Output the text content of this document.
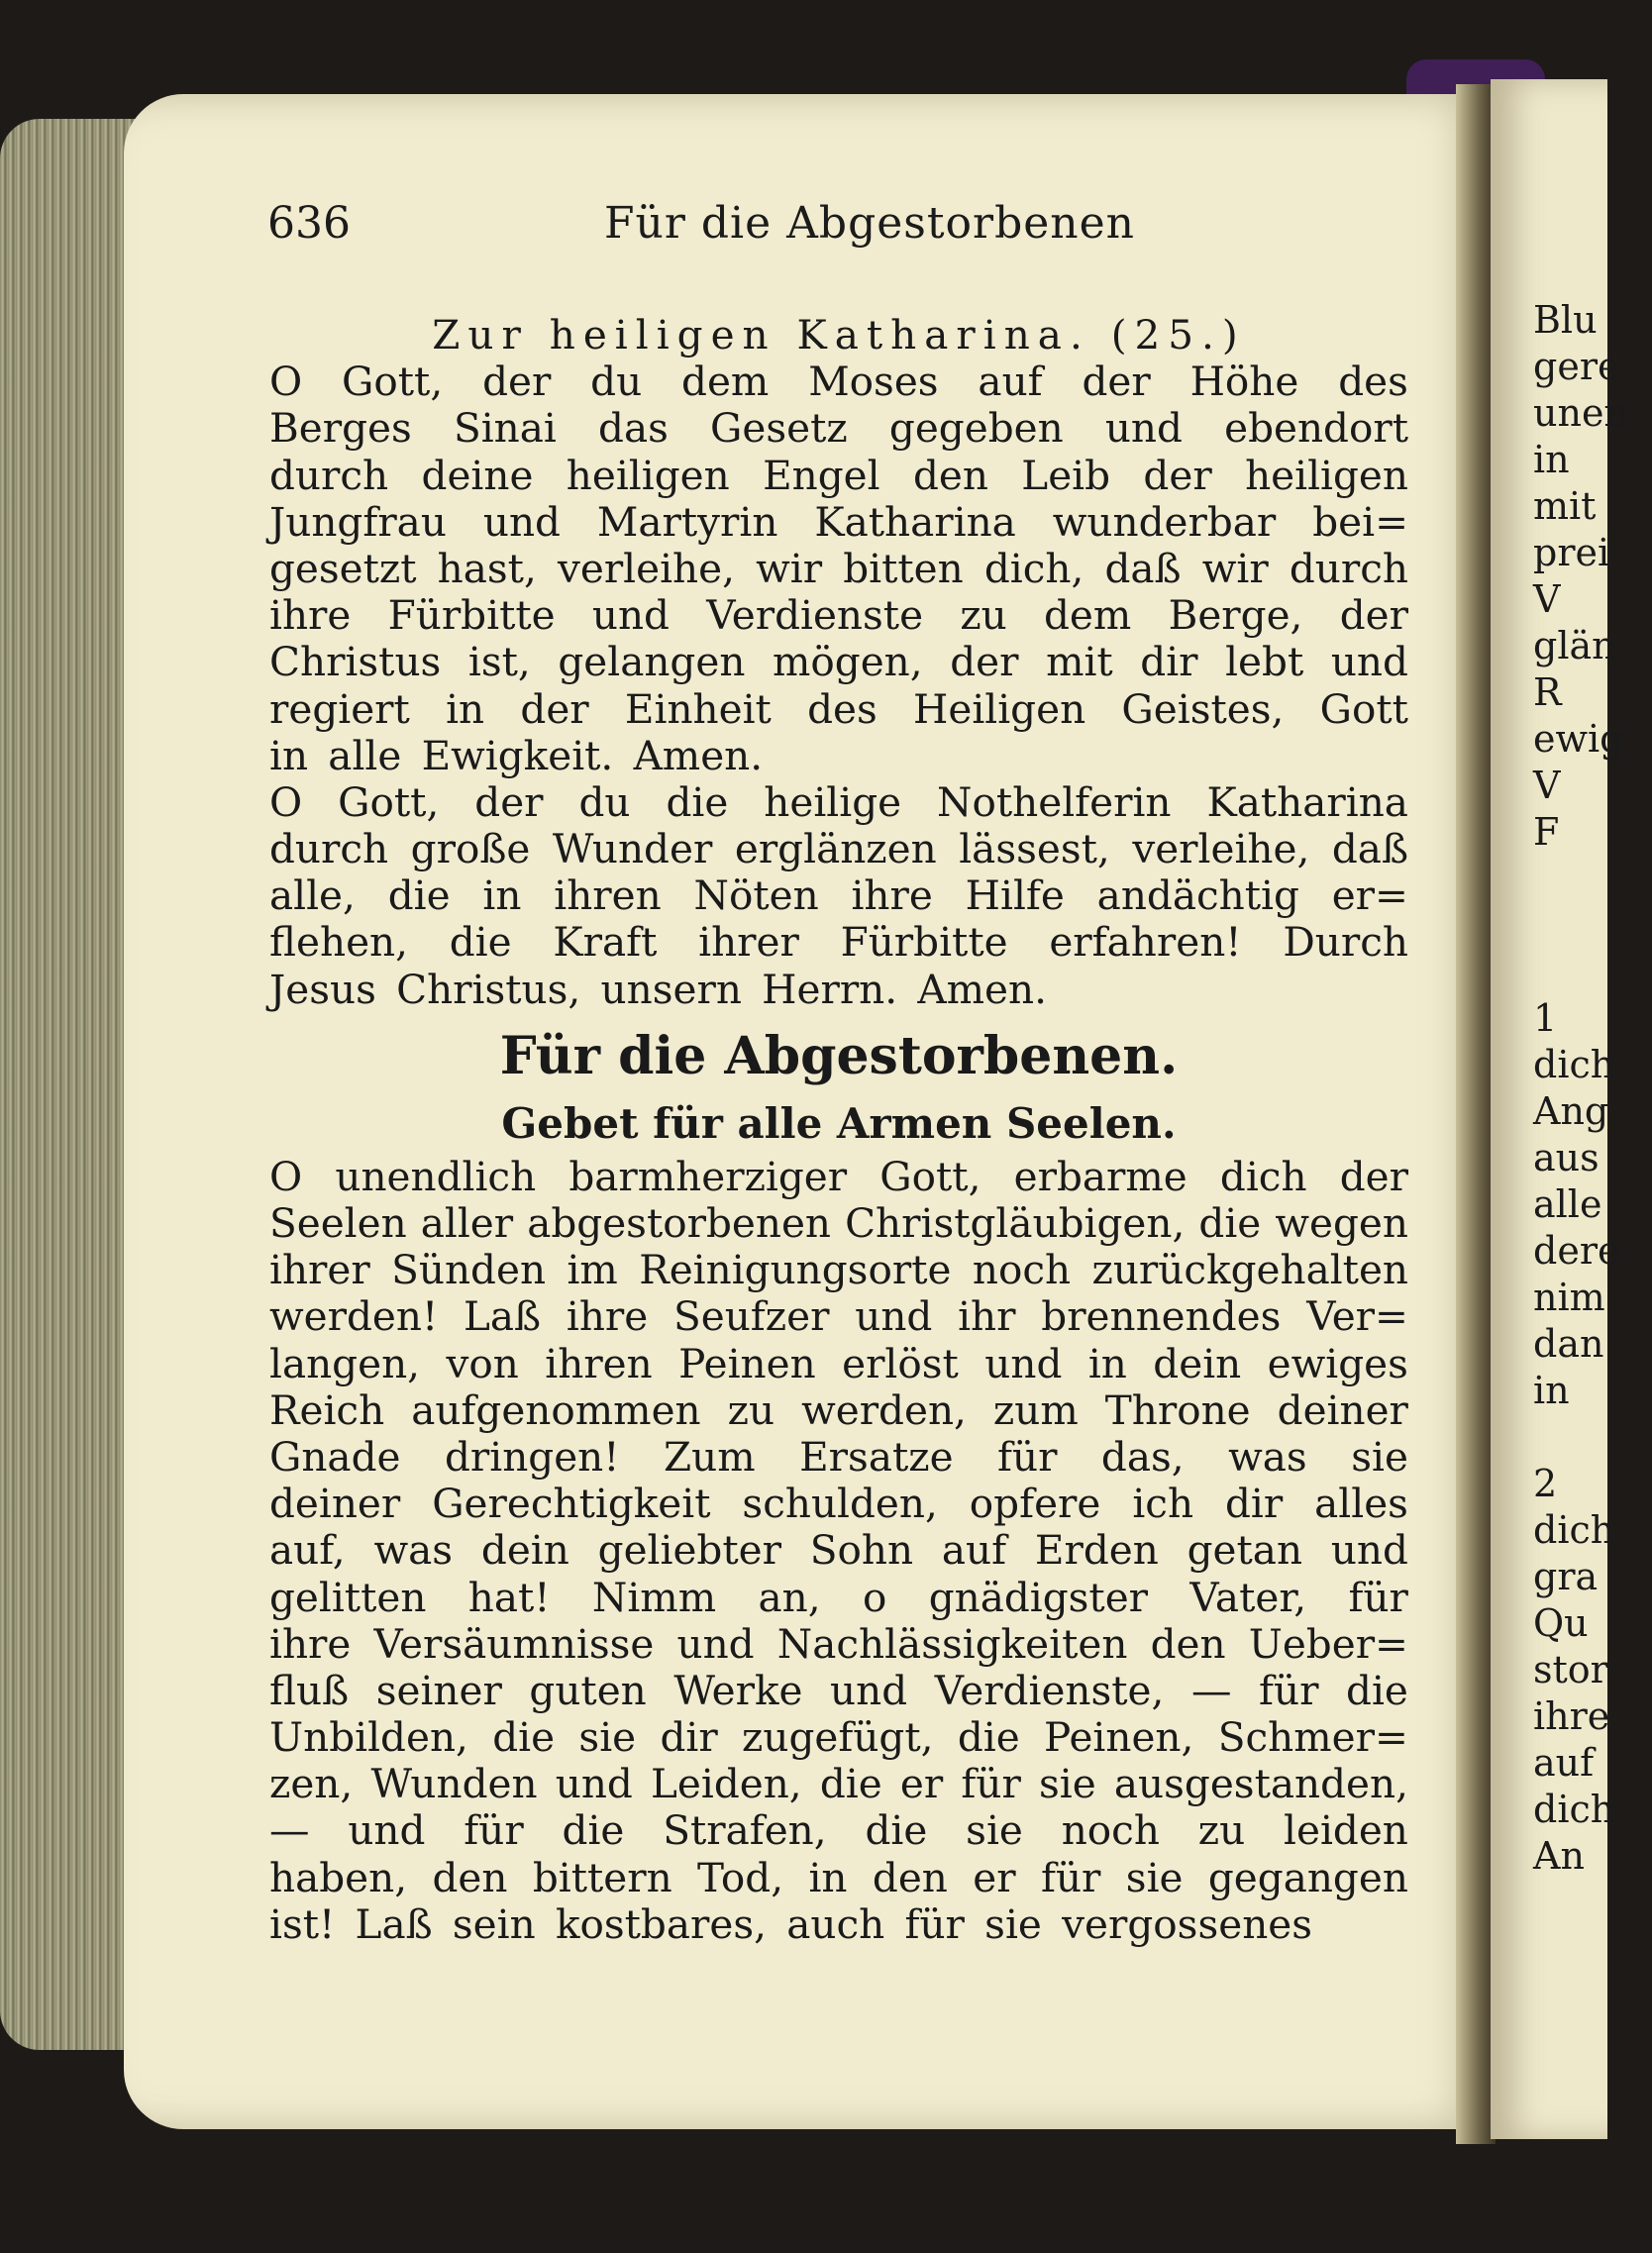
636	Für die Abgestorbenen
Zur heiligen Katharina. (25.)
O Gott, der du dem Moses auf der Höhe des
Berges Sinai das Gesetz gegeben und ebendort
durch deine heiligen Engel den Leib der heiligen
Jungfrau und Martyrin Katharina wunderbar bei=
gesetzt hast, verleihe, wir bitten dich, daß wir durch
ihre Fürbitte und Verdienste zu dem Berge, der
Christus ist, gelangen mögen, der mit dir lebt und
regiert in der Einheit des Heiligen Geistes, Gott
in alle Ewigkeit. Amen.
O Gott, der du die heilige Nothelferin Katharina
durch große Wunder erglänzen lässest, verleihe, daß
alle, die in ihren Nöten ihre Hilfe andächtig er=
flehen, die Kraft ihrer Fürbitte erfahren! Durch
Jesus Christus, unsern Herrn. Amen.
Für die Abgestorbenen.
Gebet für alle Armen Seelen.
O unendlich barmherziger Gott, erbarme dich der
Seelen aller abgestorbenen Christgläubigen, die wegen
ihrer Sünden im Reinigungsorte noch zurückgehalten
werden! Laß ihre Seufzer und ihr brennendes Ver=
langen, von ihren Peinen erlöst und in dein ewiges
Reich aufgenommen zu werden, zum Throne deiner
Gnade dringen! Zum Ersatze für das, was sie
deiner Gerechtigkeit schulden, opfere ich dir alles
auf, was dein geliebter Sohn auf Erden getan und
gelitten hat! Nimm an, o gnädigster Vater, für
ihre Versäumnisse und Nachlässigkeiten den Ueber=
fluß seiner guten Werke und Verdienste, — für die
Unbilden, die sie dir zugefügt, die Peinen, Schmer=
zen, Wunden und Leiden, die er für sie ausgestanden,
— und für die Strafen, die sie noch zu leiden
haben, den bittern Tod, in den er für sie gegangen
ist! Laß sein kostbares, auch für sie vergossenes
Blu
gere
unen
in
mit
prei
V
glän
R
ewig
V
F
1
dich
Ang
aus
alle
dere
nim
dan
in
2
dich
gra
Qu
stor
ihre
auf
dich
An
